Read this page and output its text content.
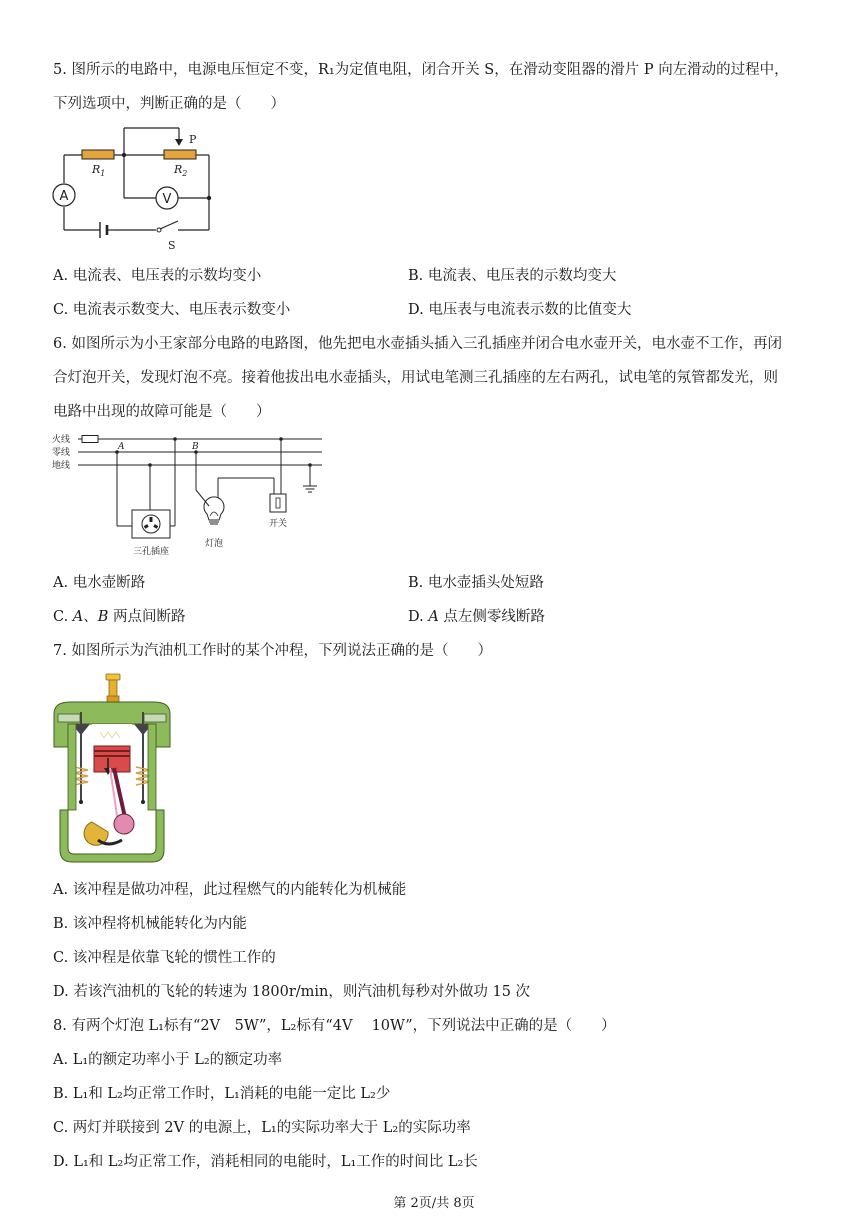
5. 图所示的电路中，电源电压恒定不变，R₁为定值电阻，闭合开关 S，在滑动变阻器的滑片 P 向左滑动的过程中，
下列选项中，判断正确的是（　　）
A	V
P
$R_1$	$R_2$
S
A. 电流表、电压表的示数均变小	B. 电流表、电压表的示数均变大
C. 电流表示数变大、电压表示数变小	D. 电压表与电流表示数的比值变大
6. 如图所示为小王家部分电路的电路图，他先把电水壶插头插入三孔插座并闭合电水壶开关，电水壶不工作，再闭
合灯泡开关，发现灯泡不亮。接着他拔出电水壶插头，用试电笔测三孔插座的左右两孔，试电笔的氖管都发光，则
电路中出现的故障可能是（　　）
火线
零线
地线
A	B
三孔插座
灯泡
开关
A. 电水壶断路	B. 电水壶插头处短路
C. A、B 两点间断路	D. A 点左侧零线断路
7. 如图所示为汽油机工作时的某个冲程，下列说法正确的是（　　）
A. 该冲程是做功冲程，此过程燃气的内能转化为机械能
B. 该冲程将机械能转化为内能
C. 该冲程是依靠飞轮的惯性工作的
D. 若该汽油机的飞轮的转速为 1800r/min，则汽油机每秒对外做功 15 次
8. 有两个灯泡 L₁标有“2V　5W”，L₂标有“4V　 10W”，下列说法中正确的是（　　）
A. L₁的额定功率小于 L₂的额定功率
B. L₁和 L₂均正常工作时，L₁消耗的电能一定比 L₂少
C. 两灯并联接到 2V 的电源上，L₁的实际功率大于 L₂的实际功率
D. L₁和 L₂均正常工作，消耗相同的电能时，L₁工作的时间比 L₂长
第 2页/共 8页
